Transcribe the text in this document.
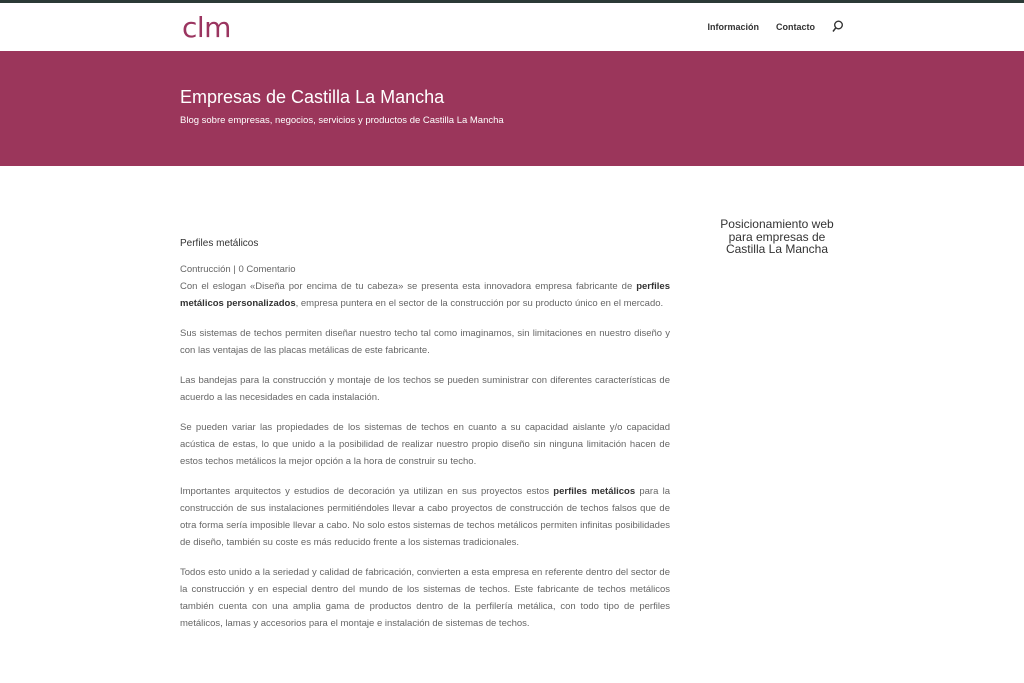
clm	Información Contacto
Empresas de Castilla La Mancha

Blog sobre empresas, negocios, servicios y productos de Castilla La Mancha

Perfiles metálicos

Contrucción | 0 Comentario

Con el eslogan «Diseña por encima de tu cabeza» se presenta esta innovadora empresa fabricante de perfiles metálicos personalizados, empresa puntera en el sector de la construcción por su producto único en el mercado.

Sus sistemas de techos permiten diseñar nuestro techo tal como imaginamos, sin limitaciones en nuestro diseño y con las ventajas de las placas metálicas de este fabricante.

Las bandejas para la construcción y montaje de los techos se pueden suministrar con diferentes características de acuerdo a las necesidades en cada instalación.

Se pueden variar las propiedades de los sistemas de techos en cuanto a su capacidad aislante y/o capacidad acústica de estas, lo que unido a la posibilidad de realizar nuestro propio diseño sin ninguna limitación hacen de estos techos metálicos la mejor opción a la hora de construir su techo.

Importantes arquitectos y estudios de decoración ya utilizan en sus proyectos estos perfiles metálicos para la construcción de sus instalaciones permitiéndoles llevar a cabo proyectos de construcción de techos falsos que de otra forma sería imposible llevar a cabo. No solo estos sistemas de techos metálicos permiten infinitas posibilidades de diseño, también su coste es más reducido frente a los sistemas tradicionales.

Todos esto unido a la seriedad y calidad de fabricación, convierten a esta empresa en referente dentro del sector de la construcción y en especial dentro del mundo de los sistemas de techos. Este fabricante de techos metálicos también cuenta con una amplia gama de productos dentro de la perfilería metálica, con todo tipo de perfiles metálicos, lamas y accesorios para el montaje e instalación de sistemas de techos.

Posicionamiento web para empresas de Castilla La Mancha
